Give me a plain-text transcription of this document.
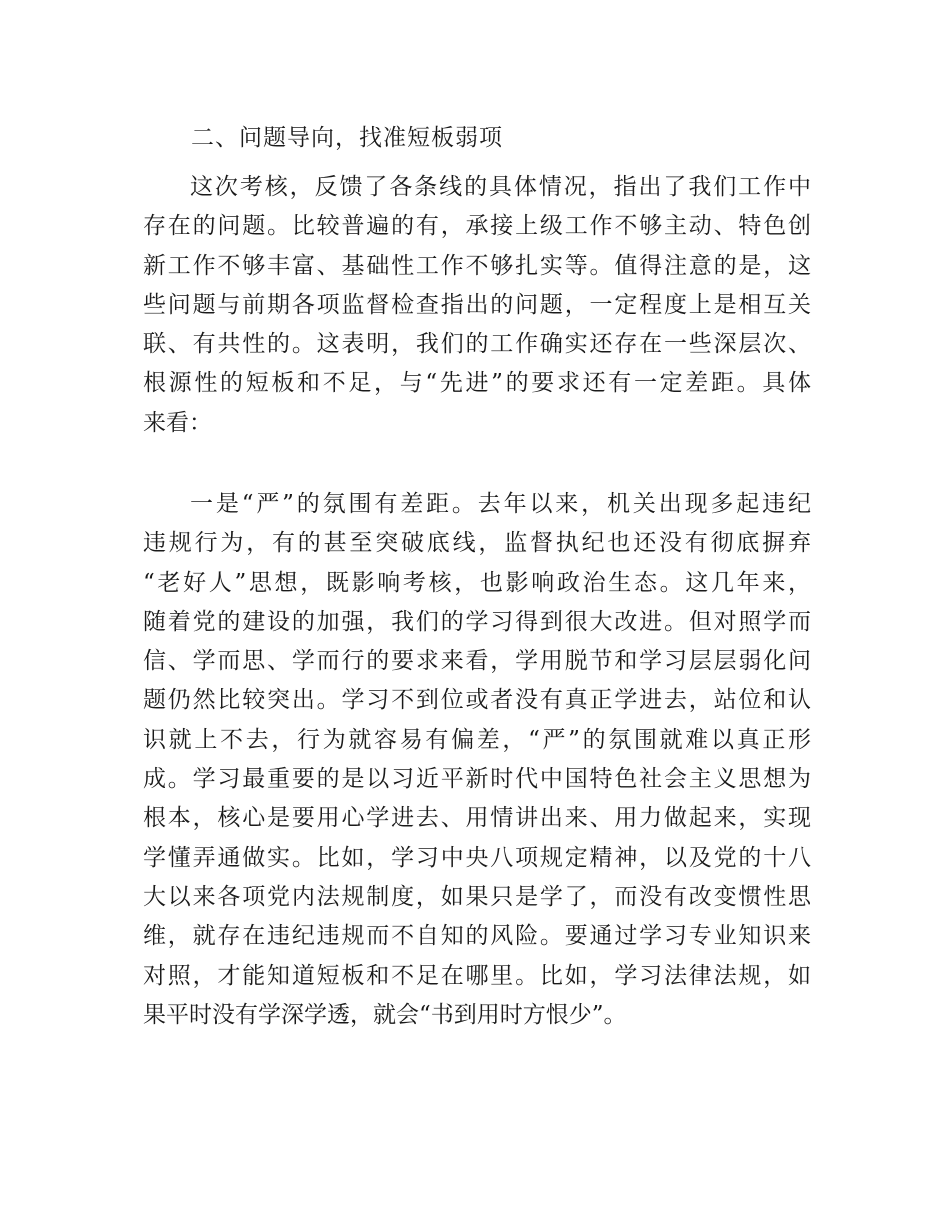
二、问题导向，找准短板弱项
这次考核，反馈了各条线的具体情况，指出了我们工作中
存在的问题。比较普遍的有，承接上级工作不够主动、特色创
新工作不够丰富、基础性工作不够扎实等。值得注意的是，这
些问题与前期各项监督检查指出的问题，一定程度上是相互关
联、有共性的。这表明，我们的工作确实还存在一些深层次、
根源性的短板和不足，与“先进”的要求还有一定差距。具体
来看：
一是“严”的氛围有差距。去年以来，机关出现多起违纪
违规行为，有的甚至突破底线，监督执纪也还没有彻底摒弃
“老好人”思想，既影响考核，也影响政治生态。这几年来，
随着党的建设的加强，我们的学习得到很大改进。但对照学而
信、学而思、学而行的要求来看，学用脱节和学习层层弱化问
题仍然比较突出。学习不到位或者没有真正学进去，站位和认
识就上不去，行为就容易有偏差，“严”的氛围就难以真正形
成。学习最重要的是以习近平新时代中国特色社会主义思想为
根本，核心是要用心学进去、用情讲出来、用力做起来，实现
学懂弄通做实。比如，学习中央八项规定精神，以及党的十八
大以来各项党内法规制度，如果只是学了，而没有改变惯性思
维，就存在违纪违规而不自知的风险。要通过学习专业知识来
对照，才能知道短板和不足在哪里。比如，学习法律法规，如
果平时没有学深学透，就会“书到用时方恨少”。
